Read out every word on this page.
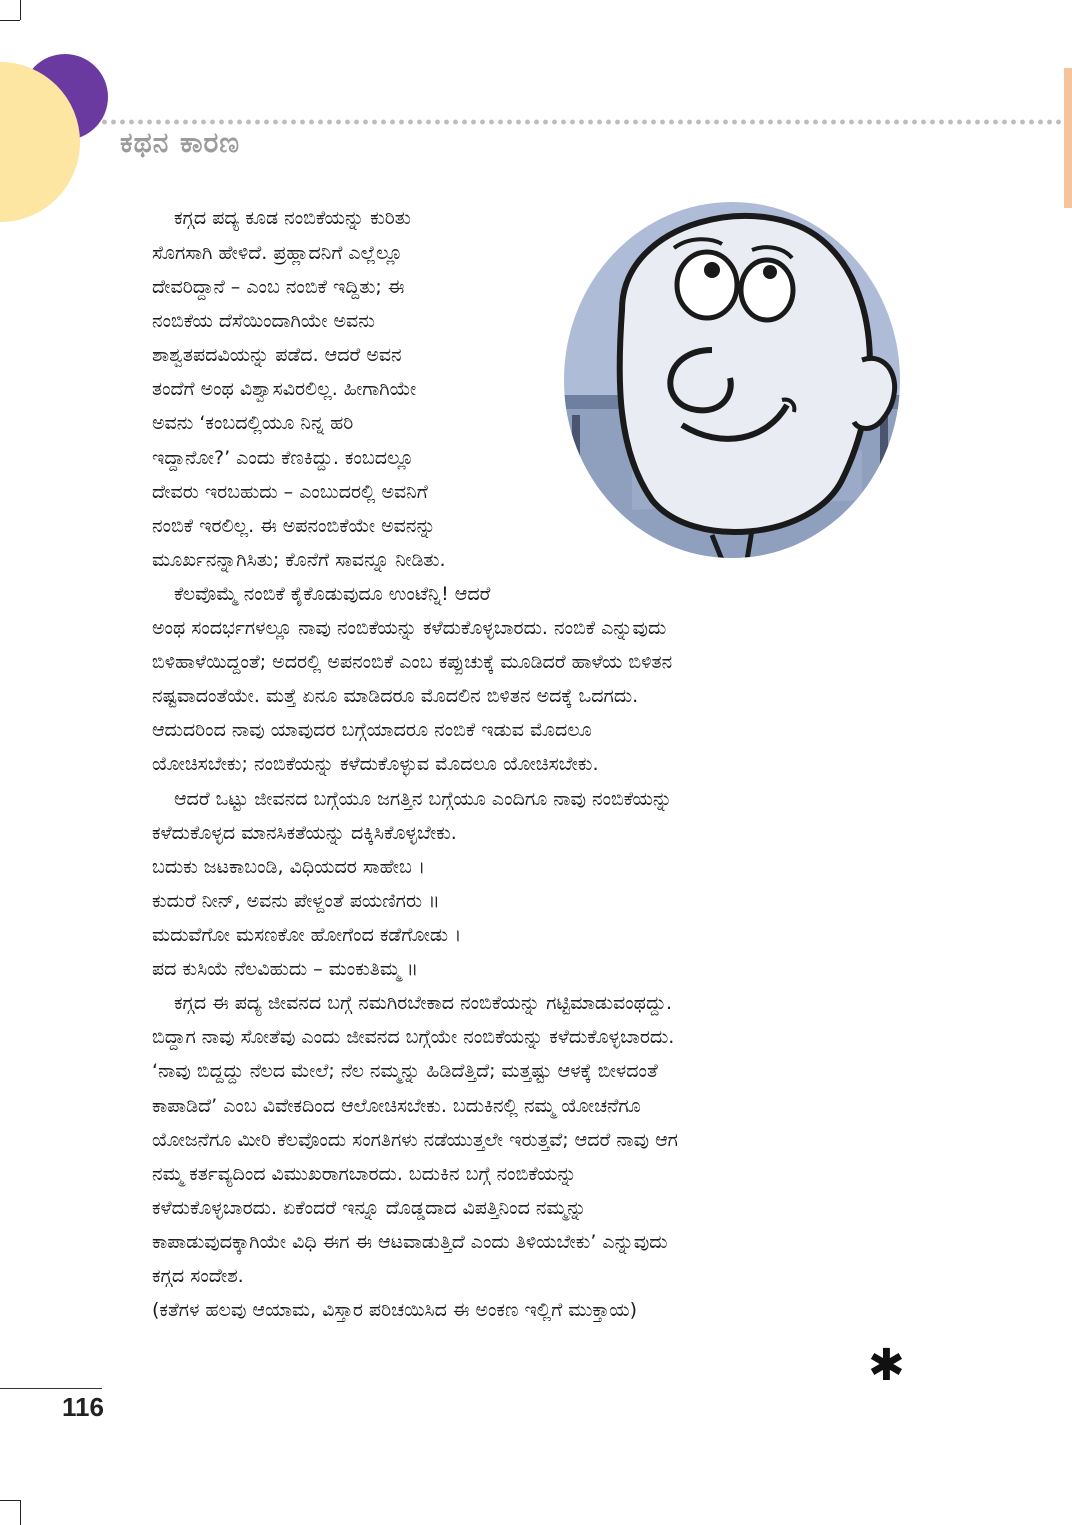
ಕಥನ ಕಾರಣ

ಕಗ್ಗದ ಪದ್ಯ ಕೂಡ ನಂಬಿಕೆಯನ್ನು ಕುರಿತು

ಸೊಗಸಾಗಿ ಹೇಳಿದೆ. ಪ್ರಹ್ಲಾದನಿಗೆ ಎಲ್ಲೆಲ್ಲೂ

ದೇವರಿದ್ದಾನೆ – ಎಂಬ ನಂಬಿಕೆ ಇದ್ದಿತು; ಈ

ನಂಬಿಕೆಯ ದೆಸೆಯಿಂದಾಗಿಯೇ ಅವನು

ಶಾಶ್ವತಪದವಿಯನ್ನು ಪಡೆದ. ಆದರೆ ಅವನ

ತಂದೆಗೆ ಅಂಥ ವಿಶ್ವಾಸವಿರಲಿಲ್ಲ. ಹೀಗಾಗಿಯೇ

ಅವನು ‘ಕಂಬದಲ್ಲಿಯೂ ನಿನ್ನ ಹರಿ

ಇದ್ದಾನೋ?’ ಎಂದು ಕೆಣಕಿದ್ದು. ಕಂಬದಲ್ಲೂ

ದೇವರು ಇರಬಹುದು – ಎಂಬುದರಲ್ಲಿ ಅವನಿಗೆ

ನಂಬಿಕೆ ಇರಲಿಲ್ಲ. ಈ ಅಪನಂಬಿಕೆಯೇ ಅವನನ್ನು

ಮೂರ್ಖನನ್ನಾಗಿಸಿತು; ಕೊನೆಗೆ ಸಾವನ್ನೂ ನೀಡಿತು.

ಕೆಲವೊಮ್ಮೆ ನಂಬಿಕೆ ಕೈಕೊಡುವುದೂ ಉಂಟೆನ್ನಿ! ಆದರೆ

ಅಂಥ ಸಂದರ್ಭಗಳಲ್ಲೂ ನಾವು ನಂಬಿಕೆಯನ್ನು ಕಳೆದುಕೊಳ್ಳಬಾರದು. ನಂಬಿಕೆ ಎನ್ನುವುದು

ಬಿಳಿಹಾಳೆಯಿದ್ದಂತೆ; ಅದರಲ್ಲಿ ಅಪನಂಬಿಕೆ ಎಂಬ ಕಪ್ಪುಚುಕ್ಕೆ ಮೂಡಿದರೆ ಹಾಳೆಯ ಬಿಳಿತನ

ನಷ್ಟವಾದಂತೆಯೇ. ಮತ್ತೆ ಏನೂ ಮಾಡಿದರೂ ಮೊದಲಿನ ಬಿಳಿತನ ಅದಕ್ಕೆ ಒದಗದು.

ಆದುದರಿಂದ ನಾವು ಯಾವುದರ ಬಗ್ಗೆಯಾದರೂ ನಂಬಿಕೆ ಇಡುವ ಮೊದಲೂ

ಯೋಚಿಸಬೇಕು; ನಂಬಿಕೆಯನ್ನು ಕಳೆದುಕೊಳ್ಳುವ ಮೊದಲೂ ಯೋಚಿಸಬೇಕು.

ಆದರೆ ಒಟ್ಟು ಜೀವನದ ಬಗ್ಗೆಯೂ ಜಗತ್ತಿನ ಬಗ್ಗೆಯೂ ಎಂದಿಗೂ ನಾವು ನಂಬಿಕೆಯನ್ನು

ಕಳೆದುಕೊಳ್ಳದ ಮಾನಸಿಕತೆಯನ್ನು ದಕ್ಕಿಸಿಕೊಳ್ಳಬೇಕು.

ಬದುಕು ಜಟಕಾಬಂಡಿ, ವಿಧಿಯದರ ಸಾಹೇಬ ।

ಕುದುರೆ ನೀನ್, ಅವನು ಪೇಳ್ದಂತೆ ಪಯಣಿಗರು ॥

ಮದುವೆಗೋ ಮಸಣಕೋ ಹೋಗೆಂದ ಕಡೆಗೋಡು ।

ಪದ ಕುಸಿಯೆ ನೆಲವಿಹುದು – ಮಂಕುತಿಮ್ಮ ॥

ಕಗ್ಗದ ಈ ಪದ್ಯ ಜೀವನದ ಬಗ್ಗೆ ನಮಗಿರಬೇಕಾದ ನಂಬಿಕೆಯನ್ನು ಗಟ್ಟಿಮಾಡುವಂಥದ್ದು.

ಬಿದ್ದಾಗ ನಾವು ಸೋತೆವು ಎಂದು ಜೀವನದ ಬಗ್ಗೆಯೇ ನಂಬಿಕೆಯನ್ನು ಕಳೆದುಕೊಳ್ಳಬಾರದು.

‘ನಾವು ಬಿದ್ದದ್ದು ನೆಲದ ಮೇಲೆ; ನೆಲ ನಮ್ಮನ್ನು ಹಿಡಿದೆತ್ತಿದೆ; ಮತ್ತಷ್ಟು ಆಳಕ್ಕೆ ಬೀಳದಂತೆ

ಕಾಪಾಡಿದೆ’ ಎಂಬ ವಿವೇಕದಿಂದ ಆಲೋಚಿಸಬೇಕು. ಬದುಕಿನಲ್ಲಿ ನಮ್ಮ ಯೋಚನೆಗೂ

ಯೋಜನೆಗೂ ಮೀರಿ ಕೆಲವೊಂದು ಸಂಗತಿಗಳು ನಡೆಯುತ್ತಲೇ ಇರುತ್ತವೆ; ಆದರೆ ನಾವು ಆಗ

ನಮ್ಮ ಕರ್ತವ್ಯದಿಂದ ವಿಮುಖರಾಗಬಾರದು. ಬದುಕಿನ ಬಗ್ಗೆ ನಂಬಿಕೆಯನ್ನು

ಕಳೆದುಕೊಳ್ಳಬಾರದು. ಏಕೆಂದರೆ ಇನ್ನೂ ದೊಡ್ಡದಾದ ವಿಪತ್ತಿನಿಂದ ನಮ್ಮನ್ನು

ಕಾಪಾಡುವುದಕ್ಕಾಗಿಯೇ ವಿಧಿ ಈಗ ಈ ಆಟವಾಡುತ್ತಿದೆ ಎಂದು ತಿಳಿಯಬೇಕು’ ಎನ್ನುವುದು

ಕಗ್ಗದ ಸಂದೇಶ.

(ಕತೆಗಳ ಹಲವು ಆಯಾಮ, ವಿಸ್ತಾರ ಪರಿಚಯಿಸಿದ ಈ ಅಂಕಣ ಇಲ್ಲಿಗೆ ಮುಕ್ತಾಯ)

✱

116
